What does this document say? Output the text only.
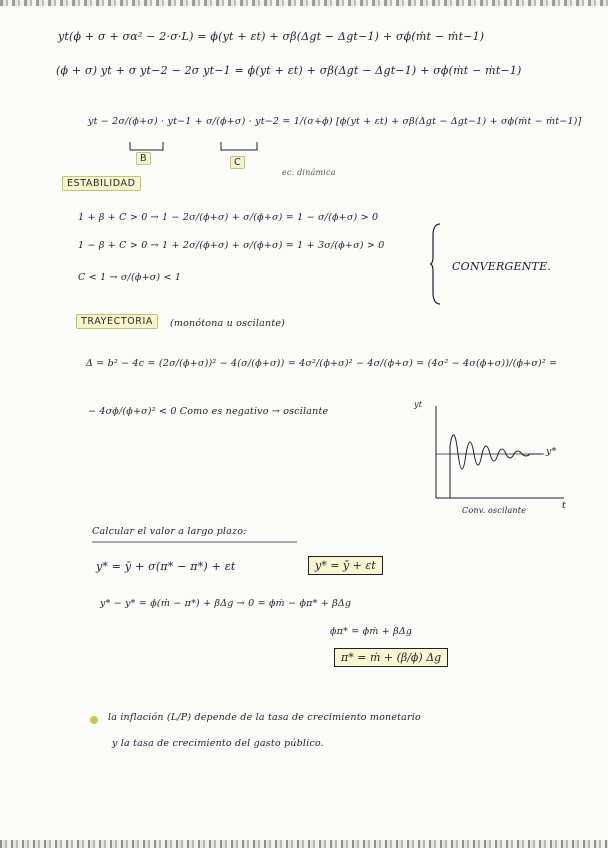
yt(ϕ + σ + σα² − 2·σ·L) = ϕ(yt + εt) + σβ(Δgt − Δgt−1) + σϕ(ṁt − ṁt−1)
(ϕ + σ) yt + σ yt−2 − 2σ yt−1 = ϕ(yt + εt) + σβ(Δgt − Δgt−1) + σϕ(ṁt − ṁt−1)
yt − 2σ/(ϕ+σ) · yt−1 + σ/(ϕ+σ) · yt−2 = 1/(σ+ϕ) [ϕ(yt + εt) + σβ(Δgt − Δgt−1) + σϕ(ṁt − ṁt−1)]
B	C
ec. dinámica
ESTABILIDAD
1 + β + C > 0 → 1 − 2σ/(ϕ+σ) + σ/(ϕ+σ) = 1 − σ/(ϕ+σ) > 0
1 − β + C > 0 → 1 + 2σ/(ϕ+σ) + σ/(ϕ+σ) = 1 + 3σ/(ϕ+σ) > 0
C < 1 → σ/(ϕ+σ) < 1
CONVERGENTE.
TRAYECTORIA	(monótona u oscilante)
Δ = b² − 4c = (2σ/(ϕ+σ))² − 4(σ/(ϕ+σ)) = 4σ²/(ϕ+σ)² − 4σ/(ϕ+σ) = (4σ² − 4σ(ϕ+σ))/(ϕ+σ)² =
− 4σϕ/(ϕ+σ)² < 0 Como es negativo → oscilante
yt
y*
Conv. oscilante	t
Calcular el valor a largo plazo:
y* = ȳ + σ(π* − π*) + εt	y* = ȳ + εt
y* − y* = ϕ(ṁ − π*) + βΔg → 0 = ϕṁ − ϕπ* + βΔg
ϕπ* = ϕṁ + βΔg
π* = ṁ + (β/ϕ) Δg
la inflación (L/P) depende de la tasa de crecimiento monetario
y la tasa de crecimiento del gasto público.
